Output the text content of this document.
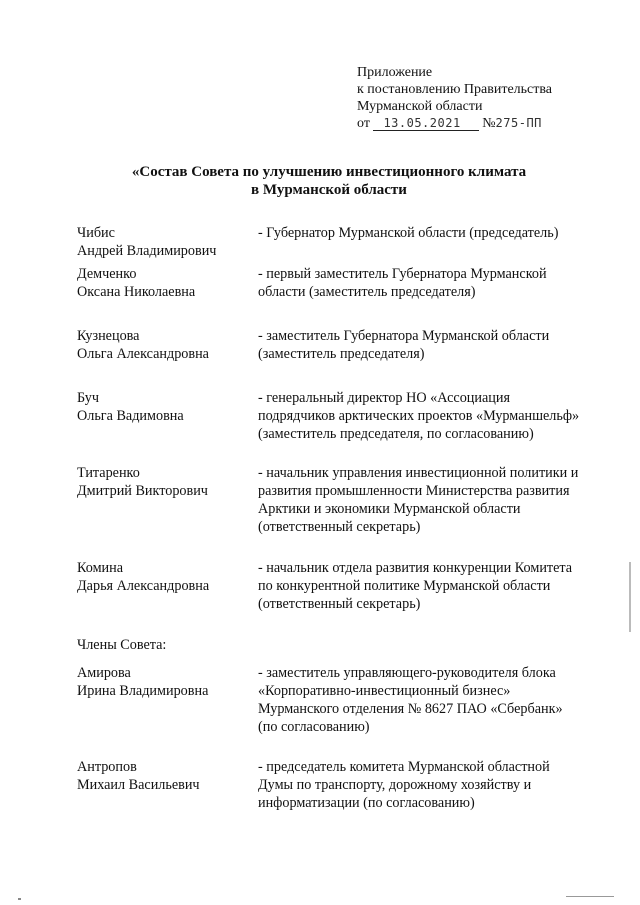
Приложение
к постановлению Правительства
Мурманской области
от 13.05.2021 №275-ПП
«Состав Совета по улучшению инвестиционного климата
в Мурманской области
Чибис
Андрей Владимирович
- Губернатор Мурманской области (председатель)
Демченко
Оксана Николаевна
- первый заместитель Губернатора Мурманской
области (заместитель председателя)
Кузнецова
Ольга Александровна
- заместитель Губернатора Мурманской области
(заместитель председателя)
Буч
Ольга Вадимовна
- генеральный директор НО «Ассоциация
подрядчиков арктических проектов «Мурманшельф»
(заместитель председателя, по согласованию)
Титаренко
Дмитрий Викторович
- начальник управления инвестиционной политики и
развития промышленности Министерства развития
Арктики и экономики Мурманской области
(ответственный секретарь)
Комина
Дарья Александровна
- начальник отдела развития конкуренции Комитета
по конкурентной политике Мурманской области
(ответственный секретарь)
Члены Совета:
Амирова
Ирина Владимировна
- заместитель управляющего-руководителя блока
«Корпоративно-инвестиционный бизнес»
Мурманского отделения № 8627 ПАО «Сбербанк»
(по согласованию)
Антропов
Михаил Васильевич
- председатель комитета Мурманской областной
Думы по транспорту, дорожному хозяйству и
информатизации (по согласованию)
